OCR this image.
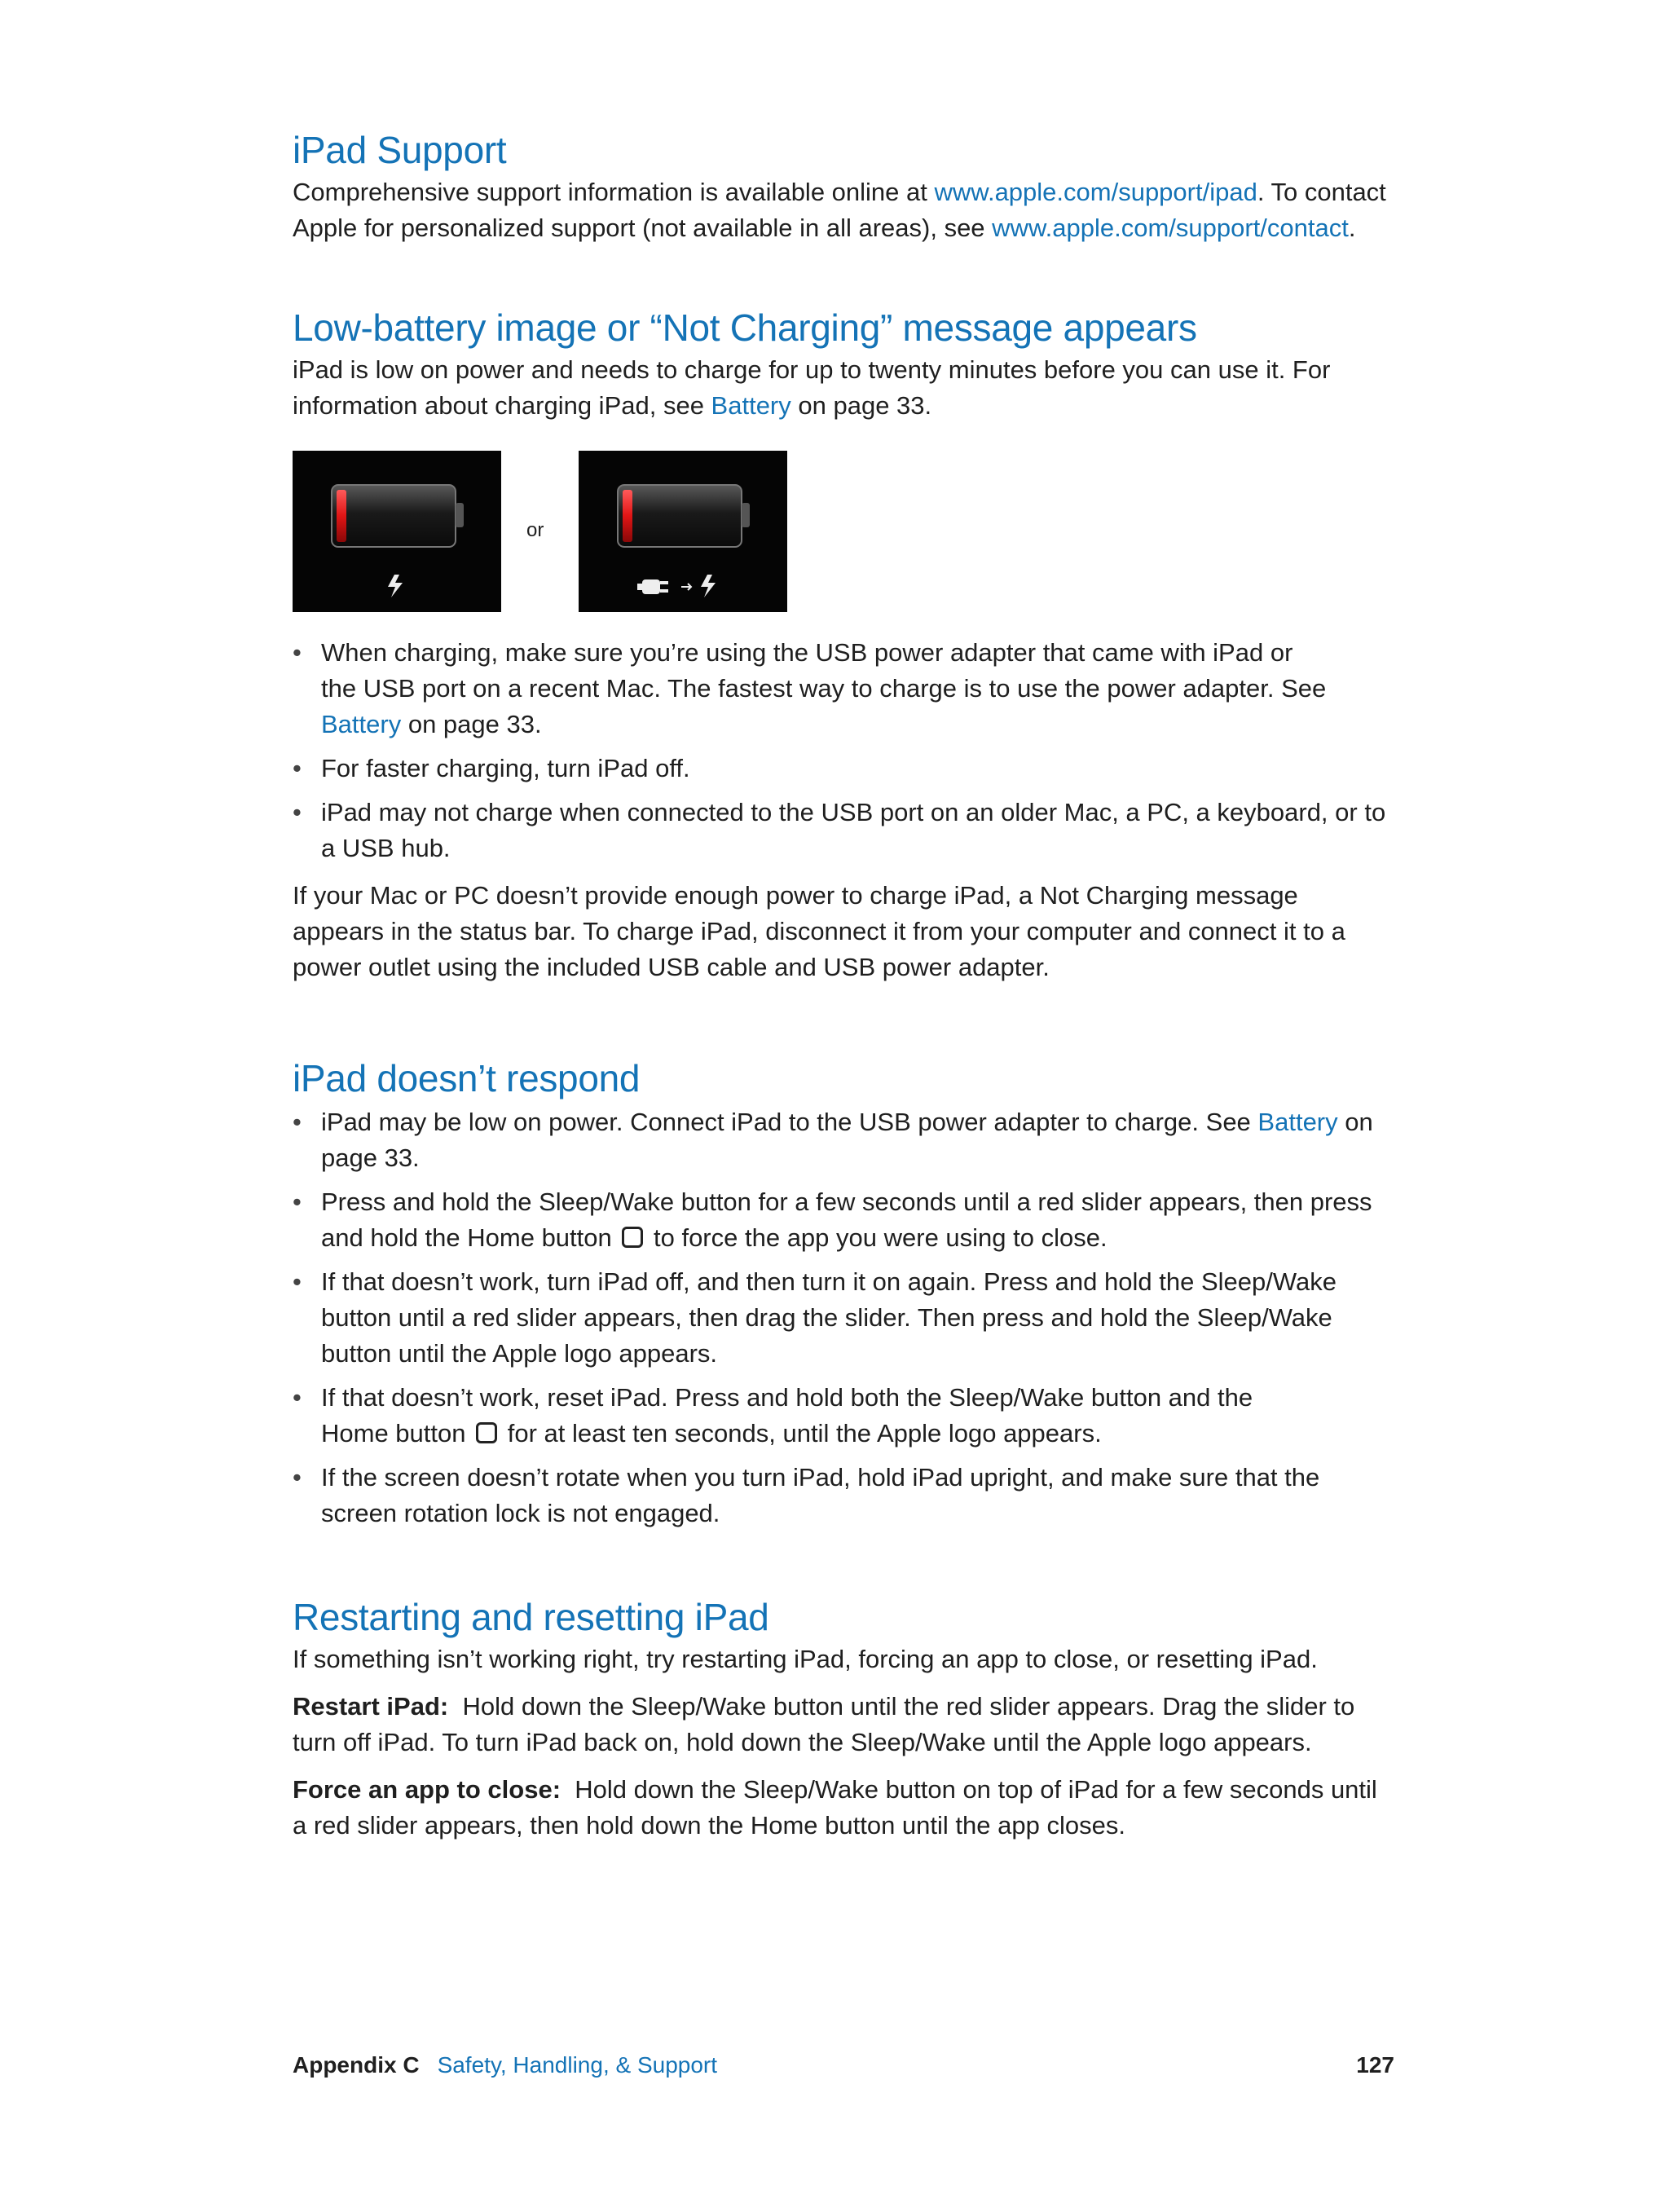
iPad Support

Comprehensive support information is available online at www.apple.com/support/ipad. To contact
Apple for personalized support (not available in all areas), see www.apple.com/support/contact.

Low-battery image or “Not Charging” message appears

iPad is low on power and needs to charge for up to twenty minutes before you can use it. For
information about charging iPad, see Battery on page 33.

or
• When charging, make sure you’re using the USB power adapter that came with iPad or
the USB port on a recent Mac. The fastest way to charge is to use the power adapter. See
Battery on page 33.
• For faster charging, turn iPad off.
• iPad may not charge when connected to the USB port on an older Mac, a PC, a keyboard, or to
a USB hub.

If your Mac or PC doesn’t provide enough power to charge iPad, a Not Charging message
appears in the status bar. To charge iPad, disconnect it from your computer and connect it to a
power outlet using the included USB cable and USB power adapter.

iPad doesn’t respond
• iPad may be low on power. Connect iPad to the USB power adapter to charge. See Battery on
page 33.
• Press and hold the Sleep/Wake button for a few seconds until a red slider appears, then press
and hold the Home button  to force the app you were using to close.
• If that doesn’t work, turn iPad off, and then turn it on again. Press and hold the Sleep/Wake
button until a red slider appears, then drag the slider. Then press and hold the Sleep/Wake
button until the Apple logo appears.
• If that doesn’t work, reset iPad. Press and hold both the Sleep/Wake button and the
Home button  for at least ten seconds, until the Apple logo appears.
• If the screen doesn’t rotate when you turn iPad, hold iPad upright, and make sure that the
screen rotation lock is not engaged.
Restarting and resetting iPad

If something isn’t working right, try restarting iPad, forcing an app to close, or resetting iPad.

Restart iPad:  Hold down the Sleep/Wake button until the red slider appears. Drag the slider to
turn off iPad. To turn iPad back on, hold down the Sleep/Wake until the Apple logo appears.

Force an app to close:  Hold down the Sleep/Wake button on top of iPad for a few seconds until
a red slider appears, then hold down the Home button until the app closes.

Appendix C Safety, Handling, & Support	127
